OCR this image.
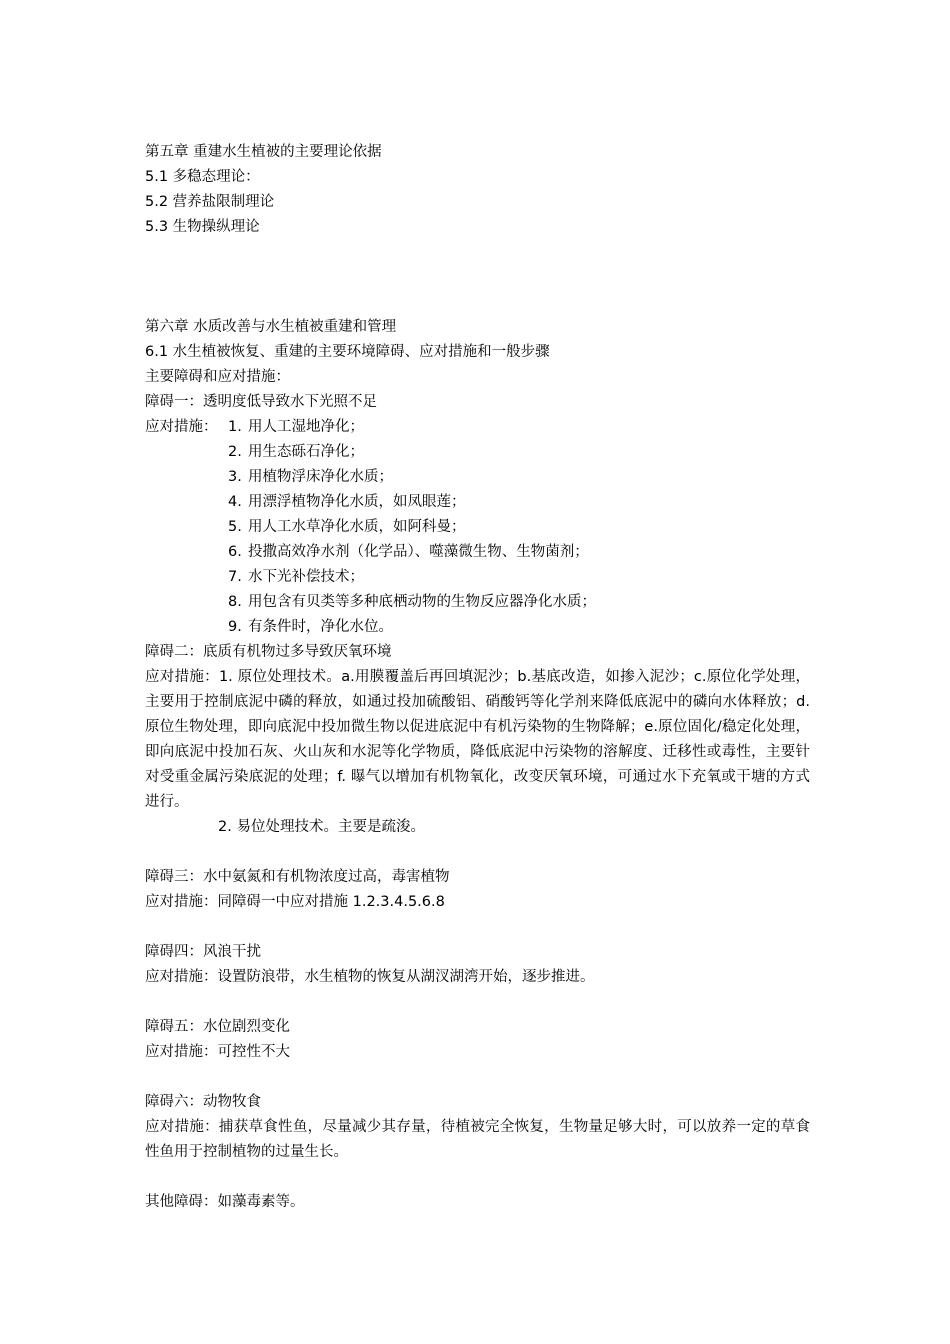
第五章 重建水生植被的主要理论依据
5.1 多稳态理论：
5.2 营养盐限制理论
5.3 生物操纵理论
第六章 水质改善与水生植被重建和管理
6.1 水生植被恢复、重建的主要环境障碍、应对措施和一般步骤
主要障碍和应对措施：
障碍一：透明度低导致水下光照不足
应对措施： 1. 用人工湿地净化；
2. 用生态砾石净化；
3. 用植物浮床净化水质；
4. 用漂浮植物净化水质，如凤眼莲；
5. 用人工水草净化水质，如阿科曼；
6. 投撒高效净水剂（化学品）、噬藻微生物、生物菌剂；
7. 水下光补偿技术；
8. 用包含有贝类等多种底栖动物的生物反应器净化水质；
9. 有条件时，净化水位。
障碍二：底质有机物过多导致厌氧环境
应对措施：1. 原位处理技术。a.用膜覆盖后再回填泥沙；b.基底改造，如掺入泥沙；c.原位化学处理，主要用于控制底泥中磷的释放，如通过投加硫酸铝、硝酸钙等化学剂来降低底泥中的磷向水体释放；d.原位生物处理，即向底泥中投加微生物以促进底泥中有机污染物的生物降解；e.原位固化/稳定化处理，即向底泥中投加石灰、火山灰和水泥等化学物质，降低底泥中污染物的溶解度、迁移性或毒性，主要针对受重金属污染底泥的处理；f. 曝气以增加有机物氧化，改变厌氧环境，可通过水下充氧或干塘的方式进行。
2. 易位处理技术。主要是疏浚。
障碍三：水中氨氮和有机物浓度过高，毒害植物
应对措施：同障碍一中应对措施 1.2.3.4.5.6.8
障碍四：风浪干扰
应对措施：设置防浪带，水生植物的恢复从湖汊湖湾开始，逐步推进。
障碍五：水位剧烈变化
应对措施：可控性不大
障碍六：动物牧食
应对措施：捕获草食性鱼，尽量减少其存量，待植被完全恢复，生物量足够大时，可以放养一定的草食性鱼用于控制植物的过量生长。
其他障碍：如藻毒素等。
